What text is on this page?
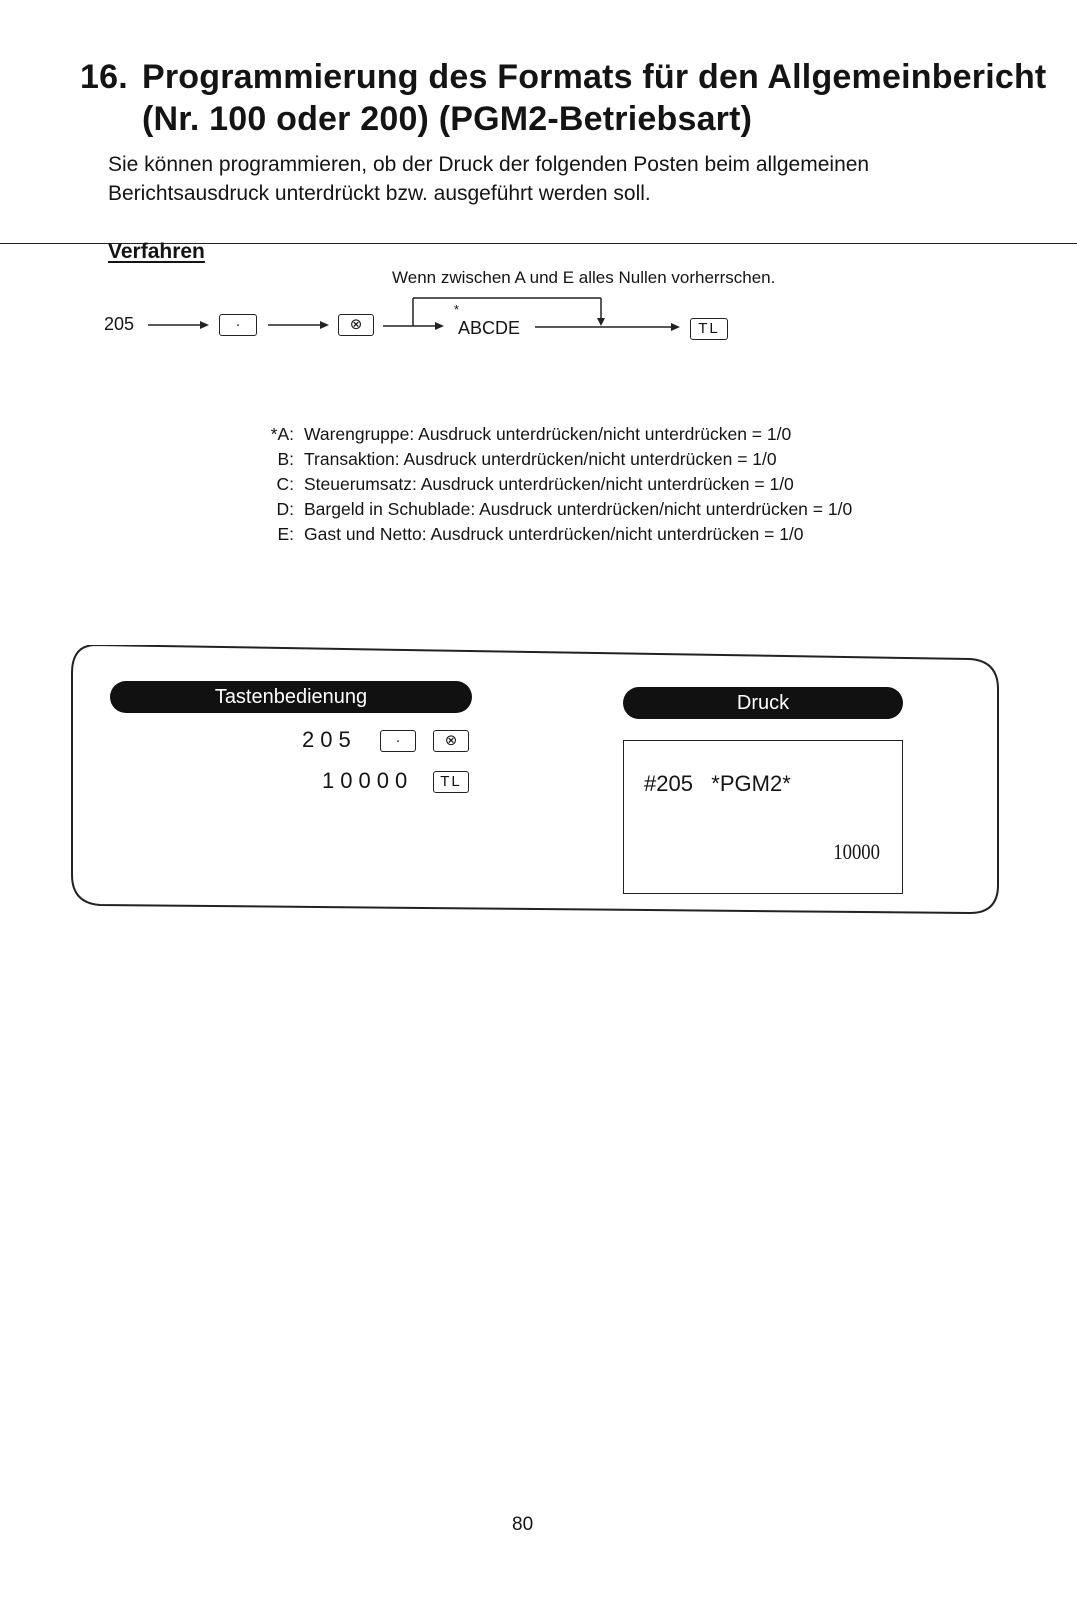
16. Programmierung des Formats für den Allgemeinbericht
(Nr. 100 oder 200) (PGM2-Betriebsart)

Sie können programmieren, ob der Druck der folgenden Posten beim allgemeinen Berichtsausdruck unterdrückt bzw. ausgeführt werden soll.

Verfahren
Wenn zwischen A und E alles Nullen vorherrschen.
205	·	⊗
*
ABCDE	TL
*A: Warengruppe: Ausdruck unterdrücken/nicht unterdrücken = 1/0
B: Transaktion: Ausdruck unterdrücken/nicht unterdrücken = 1/0
C: Steuerumsatz: Ausdruck unterdrücken/nicht unterdrücken = 1/0
D: Bargeld in Schublade: Ausdruck unterdrücken/nicht unterdrücken = 1/0
E: Gast und Netto: Ausdruck unterdrücken/nicht unterdrücken = 1/0
Tastenbedienung	Druck
205	·	⊗
10000	TL	#205 *PGM2*
10000
80
